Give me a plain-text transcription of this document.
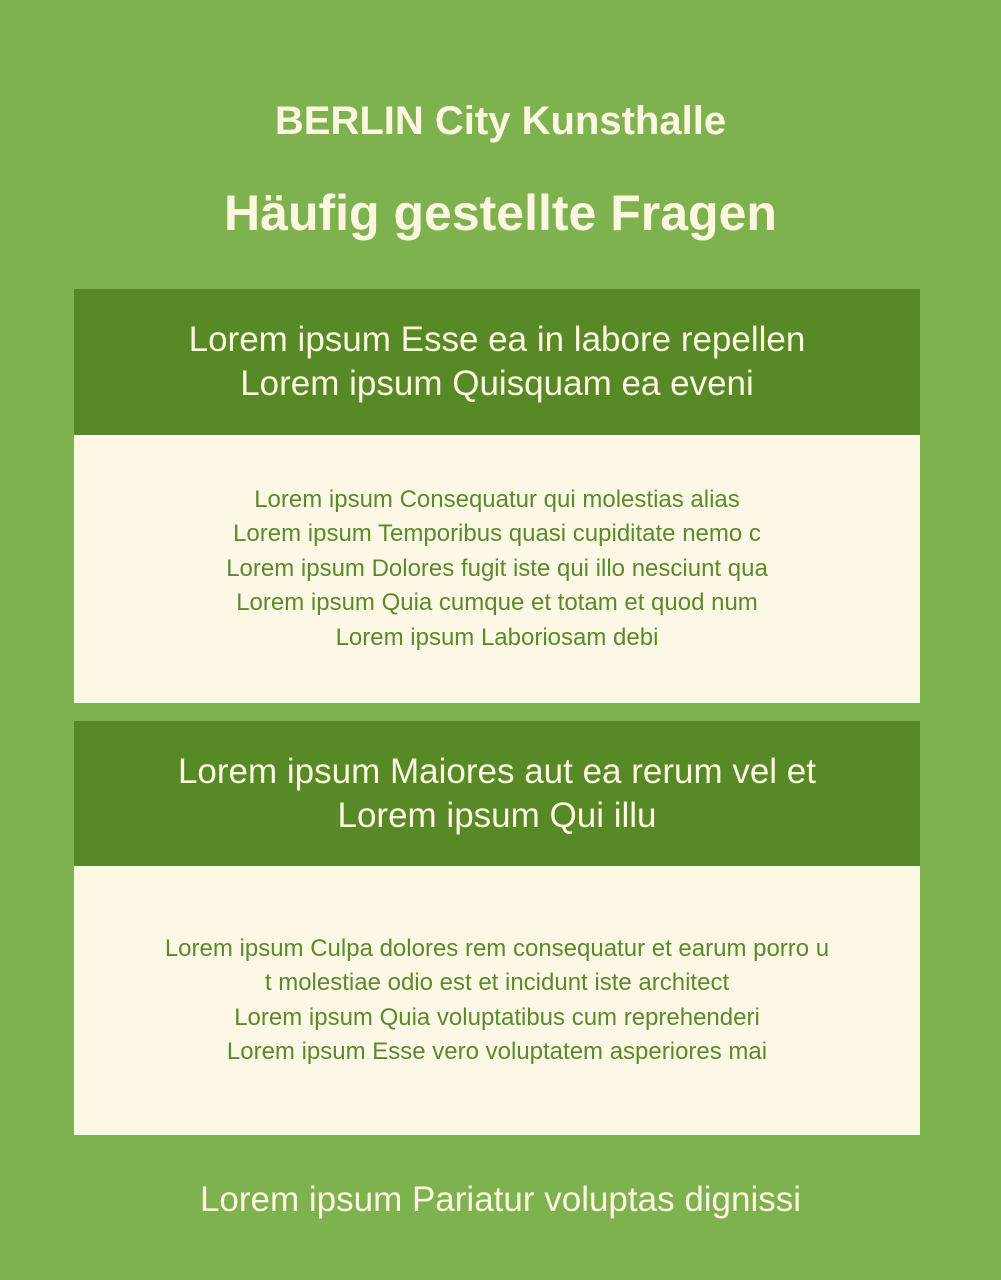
BERLIN City Kunsthalle
Häufig gestellte Fragen
Lorem ipsum Esse ea in labore repellen
Lorem ipsum Quisquam ea eveni
Lorem ipsum Consequatur qui molestias alias
Lorem ipsum Temporibus quasi cupiditate nemo c
Lorem ipsum Dolores fugit iste qui illo nesciunt qua
Lorem ipsum Quia cumque et totam et quod num
Lorem ipsum Laboriosam debi
Lorem ipsum Maiores aut ea rerum vel et
Lorem ipsum Qui illu
Lorem ipsum Culpa dolores rem consequatur et earum porro u
t molestiae odio est et incidunt iste architect
Lorem ipsum Quia voluptatibus cum reprehenderi
Lorem ipsum Esse vero voluptatem asperiores mai
Lorem ipsum Pariatur voluptas dignissi
